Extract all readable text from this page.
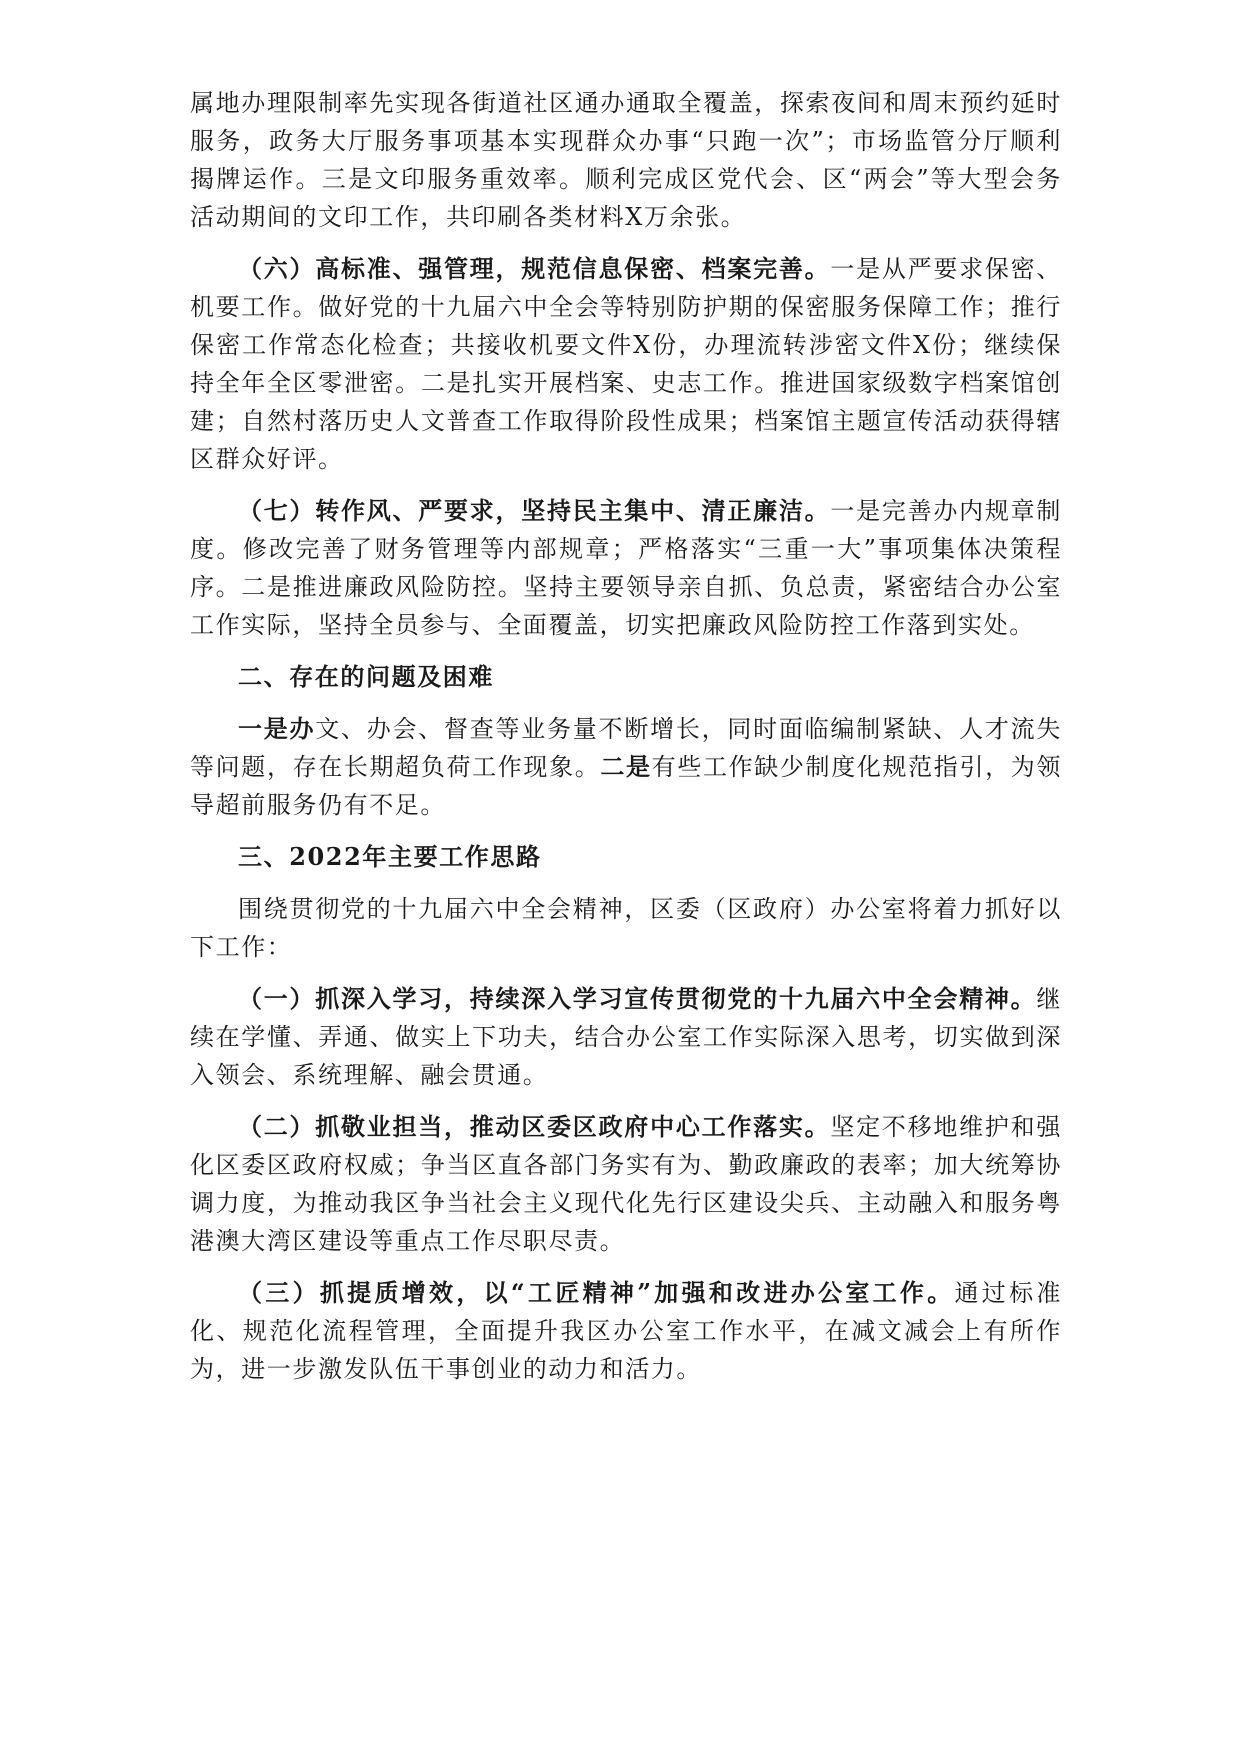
属地办理限制率先实现各街道社区通办通取全覆盖，探索夜间和周末预约延时服务，政务大厅服务事项基本实现群众办事“只跑一次”；市场监管分厅顺利揭牌运作。三是文印服务重效率。顺利完成区党代会、区“两会”等大型会务活动期间的文印工作，共印刷各类材料X万余张。

（六）高标准、强管理，规范信息保密、档案完善。一是从严要求保密、机要工作。做好党的十九届六中全会等特别防护期的保密服务保障工作；推行保密工作常态化检查；共接收机要文件X份，办理流转涉密文件X份；继续保持全年全区零泄密。二是扎实开展档案、史志工作。推进国家级数字档案馆创建；自然村落历史人文普查工作取得阶段性成果；档案馆主题宣传活动获得辖区群众好评。

（七）转作风、严要求，坚持民主集中、清正廉洁。一是完善办内规章制度。修改完善了财务管理等内部规章；严格落实“三重一大”事项集体决策程序。二是推进廉政风险防控。坚持主要领导亲自抓、负总责，紧密结合办公室工作实际，坚持全员参与、全面覆盖，切实把廉政风险防控工作落到实处。

二、存在的问题及困难

一是办文、办会、督查等业务量不断增长，同时面临编制紧缺、人才流失等问题，存在长期超负荷工作现象。二是有些工作缺少制度化规范指引，为领导超前服务仍有不足。

三、2022年主要工作思路

围绕贯彻党的十九届六中全会精神，区委（区政府）办公室将着力抓好以下工作：

（一）抓深入学习，持续深入学习宣传贯彻党的十九届六中全会精神。继续在学懂、弄通、做实上下功夫，结合办公室工作实际深入思考，切实做到深入领会、系统理解、融会贯通。

（二）抓敬业担当，推动区委区政府中心工作落实。坚定不移地维护和强化区委区政府权威；争当区直各部门务实有为、勤政廉政的表率；加大统筹协调力度，为推动我区争当社会主义现代化先行区建设尖兵、主动融入和服务粤港澳大湾区建设等重点工作尽职尽责。

（三）抓提质增效，以“工匠精神”加强和改进办公室工作。通过标准化、规范化流程管理，全面提升我区办公室工作水平，在减文减会上有所作为，进一步激发队伍干事创业的动力和活力。
